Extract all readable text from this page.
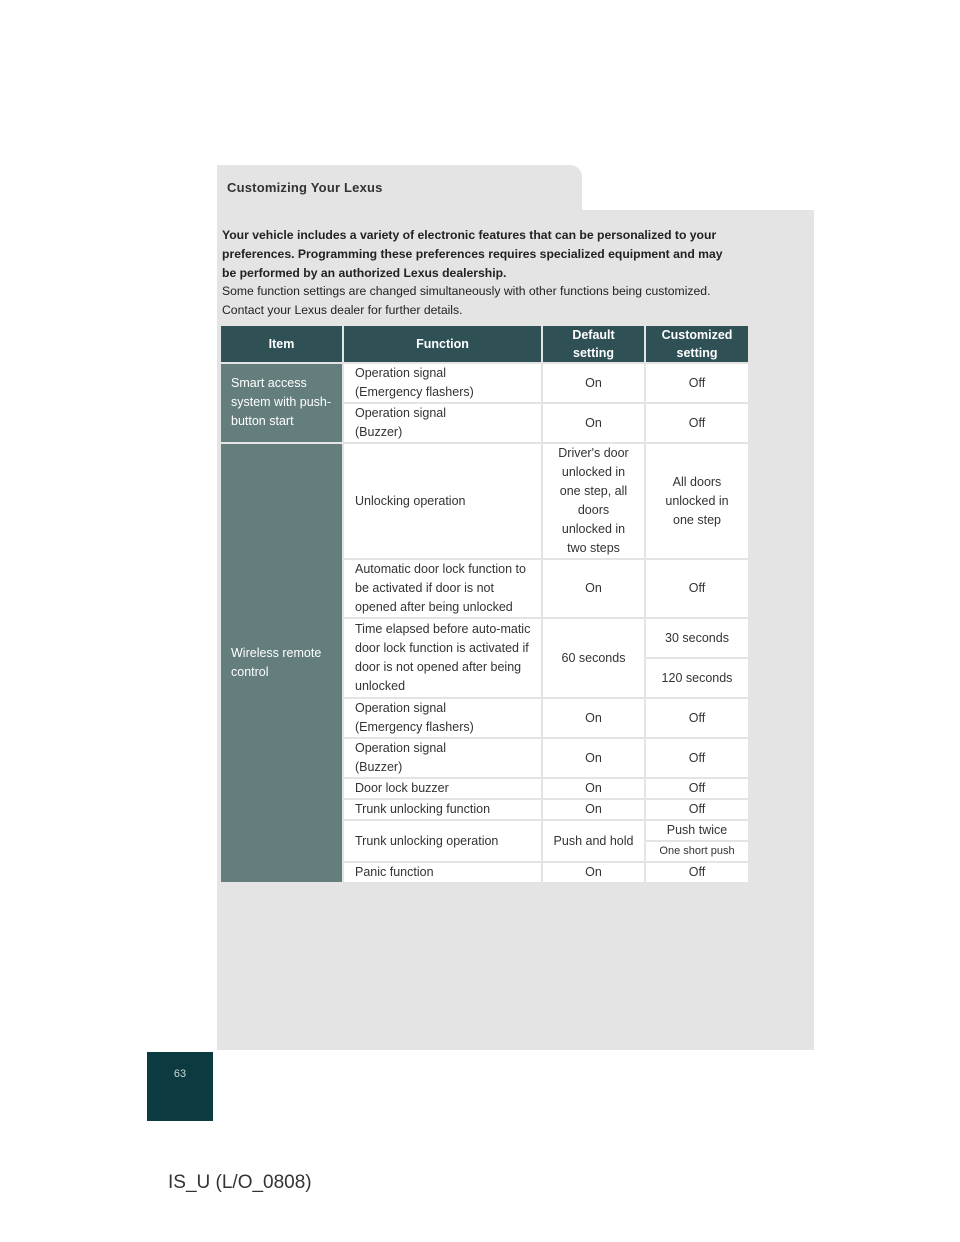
Customizing Your Lexus
Your vehicle includes a variety of electronic features that can be personalized to your
preferences. Programming these preferences requires specialized equipment and may
be performed by an authorized Lexus dealership.
Some function settings are changed simultaneously with other functions being customized.
Contact your Lexus dealer for further details.
Item	Function	Default setting	Customized setting

Smart access system with push-button start	Operation signal (Emergency flashers)	On	Off

	Operation signal (Buzzer)	On	Off

Wireless remote control	Unlocking operation	Driver's door unlocked in one step, all doors unlocked in two steps	All doors unlocked in one step

	Automatic door lock function to be activated if door is not opened after being unlocked	On	Off

	Time elapsed before auto-matic door lock function is activated if door is not opened after being unlocked	60 seconds	30 seconds
			120 seconds

	Operation signal (Emergency flashers)	On	Off

	Operation signal (Buzzer)	On	Off
	Door lock buzzer	On	Off
	Trunk unlocking function	On	Off
	Trunk unlocking operation	Push and hold	Push twice
			One short push
	Panic function	On	Off
63
IS_U (L/O_0808)
